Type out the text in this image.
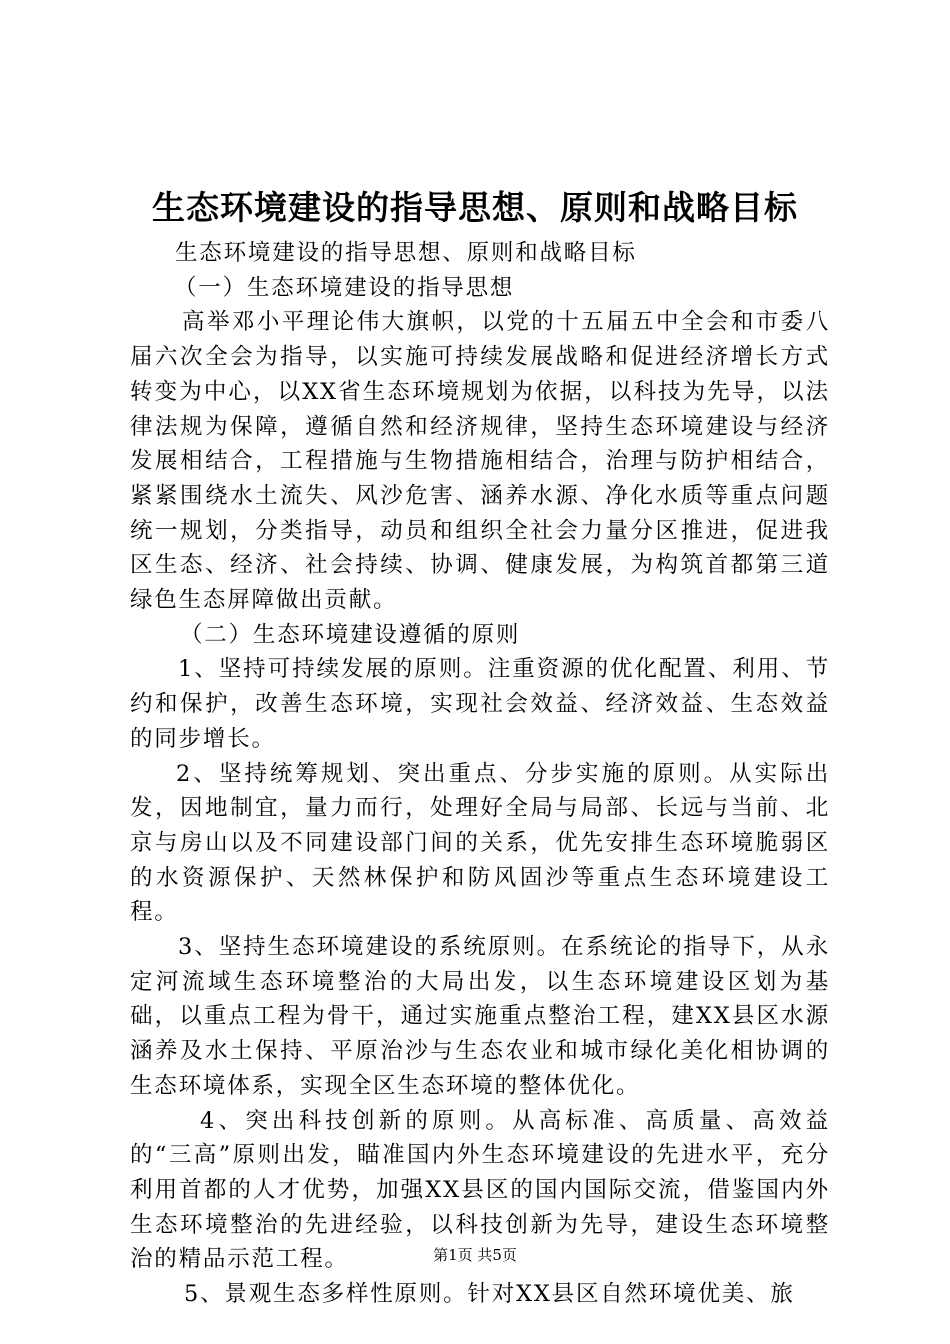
生态环境建设的指导思想、原则和战略目标

生态环境建设的指导思想、原则和战略目标

（一）生态环境建设的指导思想

高举邓小平理论伟大旗帜，以党的十五届五中全会和市委八届六次全会为指导，以实施可持续发展战略和促进经济增长方式转变为中心，以XX省生态环境规划为依据，以科技为先导，以法律法规为保障，遵循自然和经济规律，坚持生态环境建设与经济发展相结合，工程措施与生物措施相结合，治理与防护相结合，紧紧围绕水土流失、风沙危害、涵养水源、净化水质等重点问题统一规划，分类指导，动员和组织全社会力量分区推进，促进我区生态、经济、社会持续、协调、健康发展，为构筑首都第三道绿色生态屏障做出贡献。

（二）生态环境建设遵循的原则

1、坚持可持续发展的原则。注重资源的优化配置、利用、节约和保护，改善生态环境，实现社会效益、经济效益、生态效益的同步增长。

2、坚持统筹规划、突出重点、分步实施的原则。从实际出发，因地制宜，量力而行，处理好全局与局部、长远与当前、北京与房山以及不同建设部门间的关系，优先安排生态环境脆弱区的水资源保护、天然林保护和防风固沙等重点生态环境建设工程。

3、坚持生态环境建设的系统原则。在系统论的指导下，从永定河流域生态环境整治的大局出发，以生态环境建设区划为基础，以重点工程为骨干，通过实施重点整治工程，建XX县区水源涵养及水土保持、平原治沙与生态农业和城市绿化美化相协调的生态环境体系，实现全区生态环境的整体优化。

4、突出科技创新的原则。从高标准、高质量、高效益的“三高”原则出发，瞄准国内外生态环境建设的先进水平，充分利用首都的人才优势，加强XX县区的国内国际交流，借鉴国内外生态环境整治的先进经验，以科技创新为先导，建设生态环境整治的精品示范工程。

5、景观生态多样性原则。针对XX县区自然环境优美、旅

第1页 共5页
